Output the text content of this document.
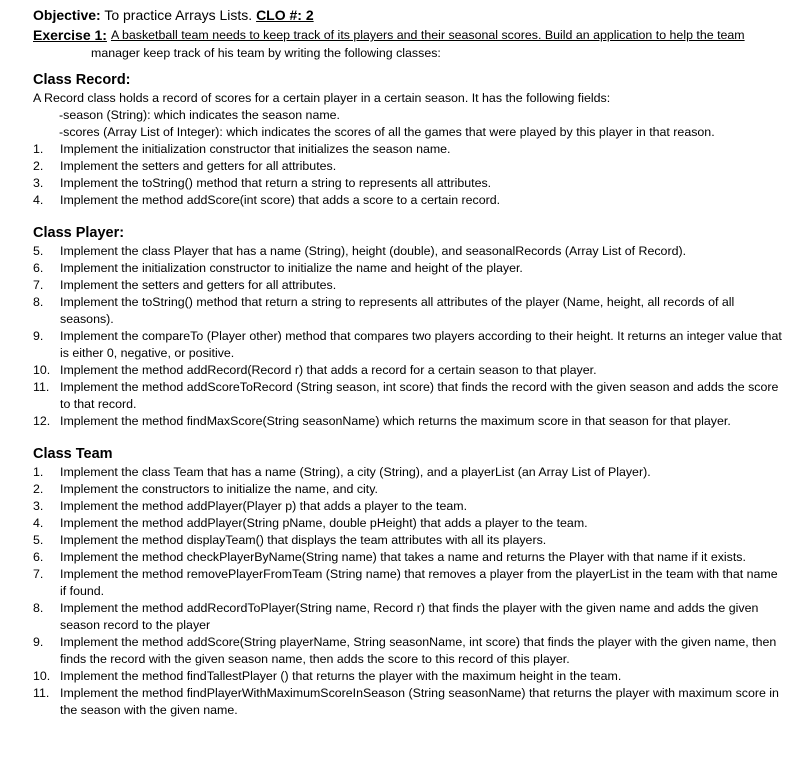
Objective: To practice Arrays Lists. CLO #: 2
Exercise 1: A basketball team needs to keep track of its players and their seasonal scores. Build an application to help the team
manager keep track of his team by writing the following classes:
Class Record:

A Record class holds a record of scores for a certain player in a certain season. It has the following fields:

-season (String): which indicates the season name.

-scores (Array List of Integer): which indicates the scores of all the games that were played by this player in that reason.

1.	Implement the initialization constructor that initializes the season name.
2.	Implement the setters and getters for all attributes.
3.	Implement the toString() method that return a string to represents all attributes.
4.	Implement the method addScore(int score) that adds a score to a certain record.
Class Player:
5.	Implement the class Player that has a name (String), height (double), and seasonalRecords (Array List of Record).
6.	Implement the initialization constructor to initialize the name and height of the player.
7.	Implement the setters and getters for all attributes.
8.	Implement the toString() method that return a string to represents all attributes of the player (Name, height, all records of all seasons).
9.	Implement the compareTo (Player other) method that compares two players according to their height. It returns an integer value that is either 0, negative, or positive.
10. Implement the method addRecord(Record r) that adds a record for a certain season to that player.
11. Implement the method addScoreToRecord (String season, int score) that finds the record with the given season and adds the score to that record.
12. Implement the method findMaxScore(String seasonName) which returns the maximum score in that season for that player.
Class Team
1.	Implement the class Team that has a name (String), a city (String), and a playerList (an Array List of Player).
2.	Implement the constructors to initialize the name, and city.
3.	Implement the method addPlayer(Player p) that adds a player to the team.
4.	Implement the method addPlayer(String pName, double pHeight) that adds a player to the team.
5.	Implement the method displayTeam() that displays the team attributes with all its players.
6.	Implement the method checkPlayerByName(String name) that takes a name and returns the Player with that name if it exists.
7.	Implement the method removePlayerFromTeam (String name) that removes a player from the playerList in the team with that name if found.
8.	Implement the method addRecordToPlayer(String name, Record r) that finds the player with the given name and adds the given season record to the player
9.	Implement the method addScore(String playerName, String seasonName, int score) that finds the player with the given name, then finds the record with the given season name, then adds the score to this record of this player.
10. Implement the method findTallestPlayer () that returns the player with the maximum height in the team.
11. Implement the method findPlayerWithMaximumScoreInSeason (String seasonName) that returns the player with maximum score in the season with the given name.
